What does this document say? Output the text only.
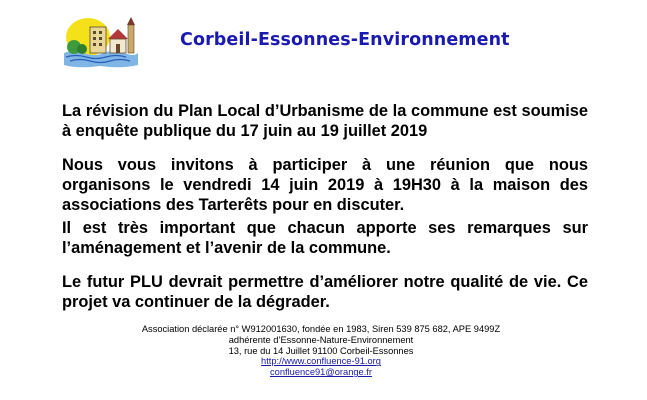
Corbeil-Essonnes-Environnement

La révision du Plan Local d’Urbanisme de la commune est soumise à enquête publique du 17 juin au 19 juillet 2019

Nous vous invitons à participer à une réunion que nous organisons le vendredi 14 juin 2019 à 19H30 à la maison des associations des Tarterêts pour en discuter.

Il est très important que chacun apporte ses remarques sur l’aménagement et l’avenir de la commune.

Le futur PLU devrait permettre d’améliorer notre qualité de vie. Ce projet va continuer de la dégrader.

Association déclarée n° W912001630, fondée en 1983, Siren 539 875 682, APE 9499Z
adhérente d’Essonne-Nature-Environnement
13, rue du 14 Juillet 91100 Corbeil-Essonnes
http://www.confluence-91.org
confluence91@orange.fr
